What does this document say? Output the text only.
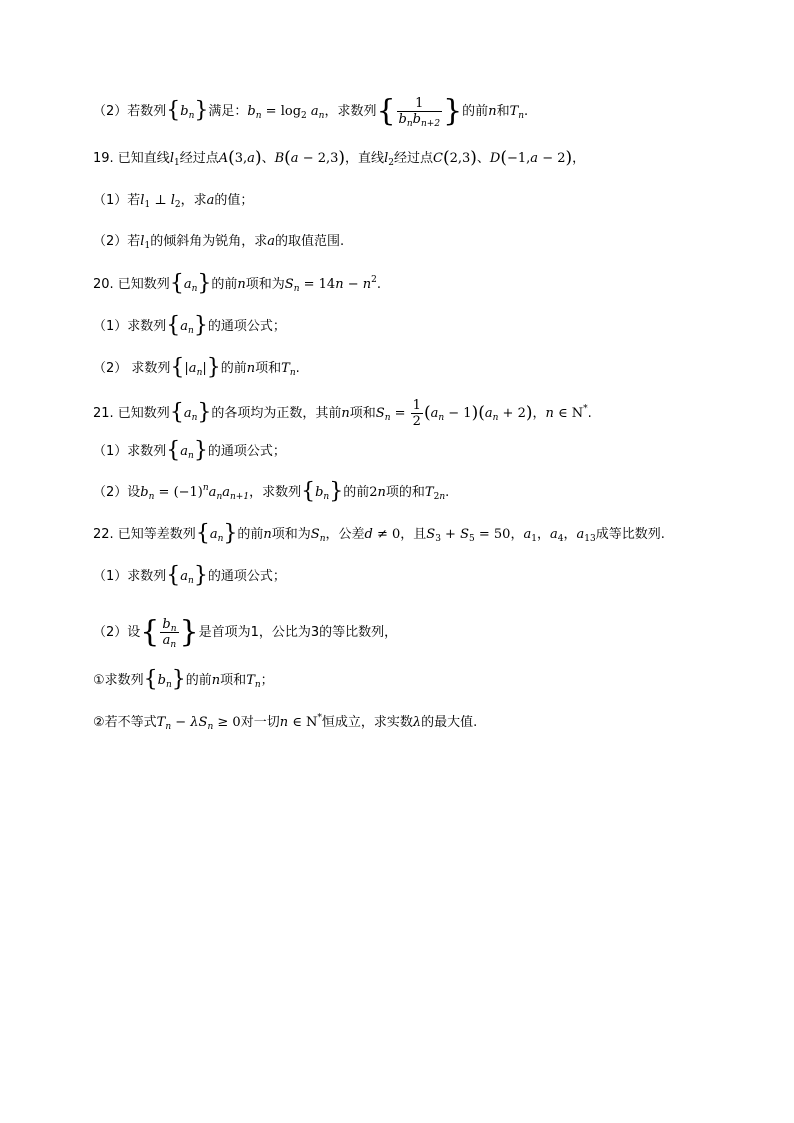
（2）若数列$\{b_n\}$满足：$b_n = \log_2 a_n$，求数列{ $\frac{1}{b_nb_{n+2}}$ }的前n和$T_n$.
19. 已知直线$l_1$经过点A(3,a)、B(a − 2,3)，直线$l_2$经过点C(2,3)、D(−1,a − 2)，
（1）若$l_1$ ⊥ $l_2$，求a的值；
（2）若$l_1$的倾斜角为锐角，求a的取值范围.
20. 已知数列$\{a_n\}$的前n项和为$S_n = 14n - n^2$.
（1）求数列$\{a_n\}$的通项公式；
（2） 求数列$\{|a_n|\}$的前n项和$T_n$.
21. 已知数列$\{a_n\}$的各项均为正数，其前n项和$S_n = \frac{1}{2} (a_n - 1)(a_n + 2)$，n ∈ N*.
（1）求数列$\{a_n\}$的通项公式；
（2）设$b_n = (-1)^na_na_{n+1}$，求数列$\{b_n\}$的前2n项的和$T_{2n}$.
22. 已知等差数列$\{a_n\}$的前n项和为$S_n$，公差d ≠ 0，且$S_3 + S_5 = 50$，$a_1$，$a_4$，$a_{13}$成等比数列.
（1）求数列$\{a_n\}$的通项公式；
（2）设{ $\frac{b_n}{a_n}$ }是首项为1，公比为3的等比数列，
①求数列$\{b_n\}$的前n项和$T_n$；
②若不等式$T_n - \lambda S_n \ge 0$对一切n ∈ N*恒成立，求实数λ的最大值.
